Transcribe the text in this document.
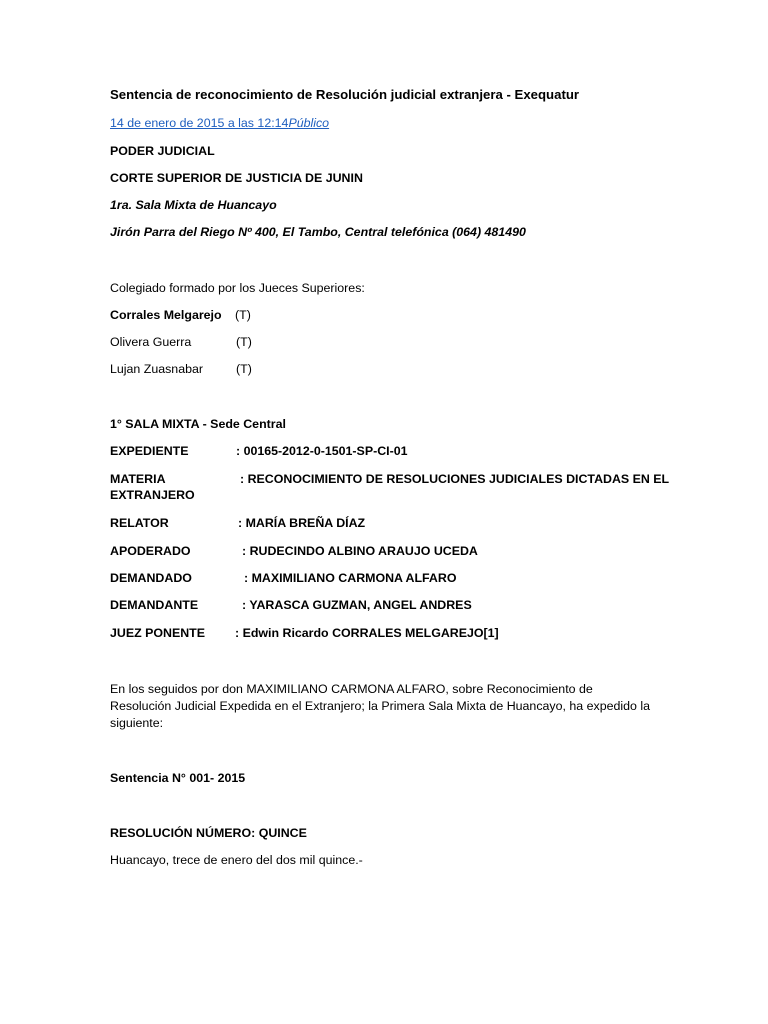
Sentencia de reconocimiento de Resolución judicial extranjera - Exequatur
14 de enero de 2015 a las 12:14Público
PODER JUDICIAL
CORTE SUPERIOR DE JUSTICIA DE JUNIN
1ra. Sala Mixta de Huancayo
Jirón Parra del Riego Nº 400, El Tambo, Central telefónica (064) 481490
Colegiado formado por los Jueces Superiores:
Corrales Melgarejo (T)
Olivera Guerra	(T)
Lujan Zuasnabar	(T)
1° SALA MIXTA - Sede Central
EXPEDIENTE	: 00165-2012-0-1501-SP-CI-01
MATERIA	: RECONOCIMIENTO DE RESOLUCIONES JUDICIALES DICTADAS EN EL
EXTRANJERO
RELATOR	: MARÍA BREÑA DÍAZ
APODERADO	: RUDECINDO ALBINO ARAUJO UCEDA
DEMANDADO	: MAXIMILIANO CARMONA ALFARO
DEMANDANTE	: YARASCA GUZMAN, ANGEL ANDRES
JUEZ PONENTE : Edwin Ricardo CORRALES MELGAREJO[1]
En los seguidos por don MAXIMILIANO CARMONA ALFARO, sobre Reconocimiento de Resolución Judicial Expedida en el Extranjero; la Primera Sala Mixta de Huancayo, ha expedido la siguiente:
Sentencia N° 001- 2015
RESOLUCIÓN NÚMERO: QUINCE
Huancayo, trece de enero del dos mil quince.-
